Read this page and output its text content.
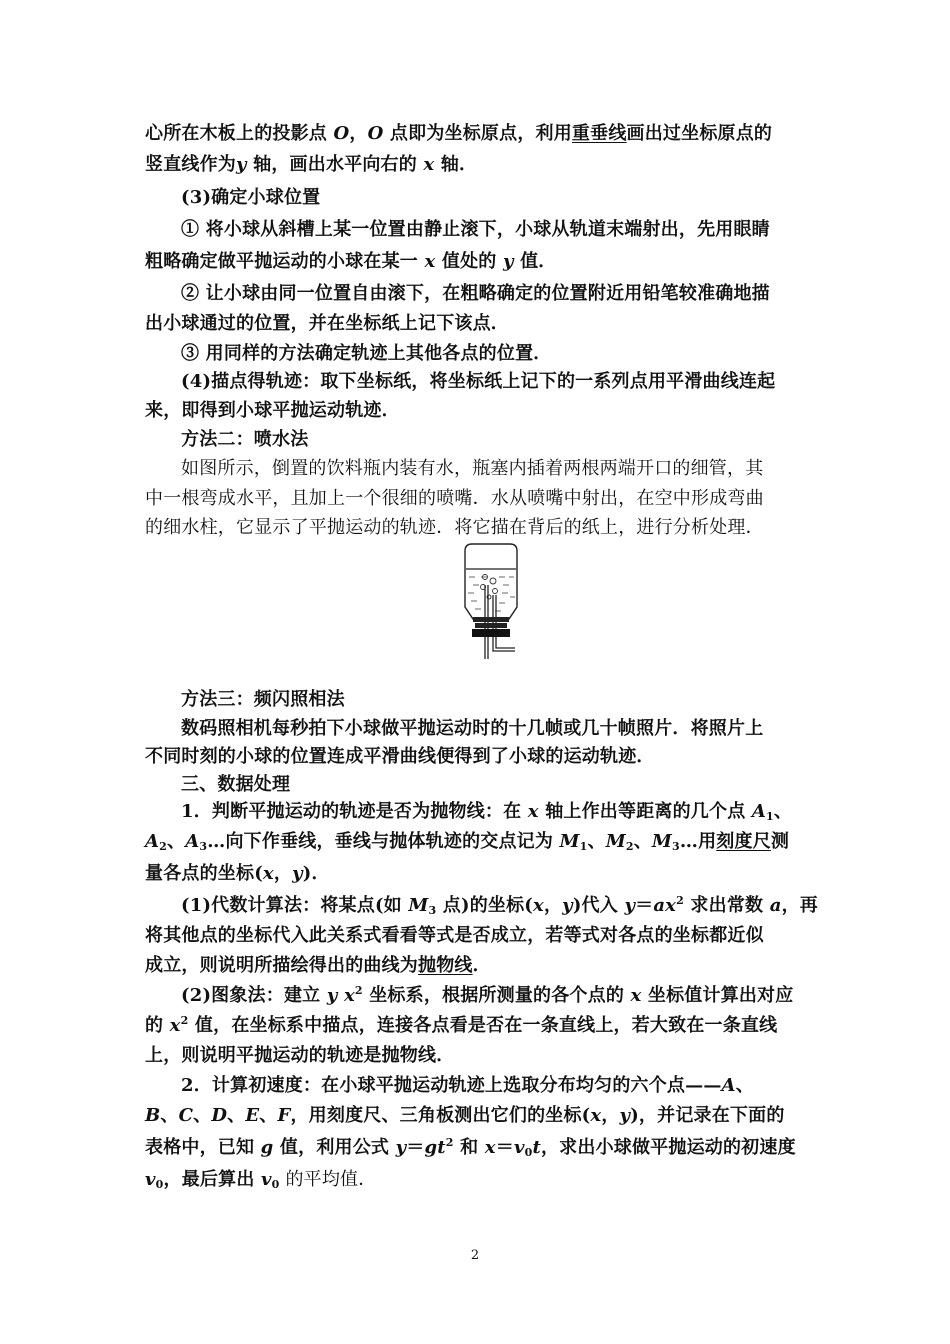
心所在木板上的投影点 O，O 点即为坐标原点，利用重垂线画出过坐标原点的
竖直线作为y 轴，画出水平向右的 x 轴．
(3)确定小球位置
① 将小球从斜槽上某一位置由静止滚下，小球从轨道末端射出，先用眼睛
粗略确定做平抛运动的小球在某一 x 值处的 y 值．
② 让小球由同一位置自由滚下，在粗略确定的位置附近用铅笔较准确地描
出小球通过的位置，并在坐标纸上记下该点．
③ 用同样的方法确定轨迹上其他各点的位置．
(4)描点得轨迹：取下坐标纸，将坐标纸上记下的一系列点用平滑曲线连起
来，即得到小球平抛运动轨迹．
方法二：喷水法
如图所示，倒置的饮料瓶内装有水，瓶塞内插着两根两端开口的细管，其
中一根弯成水平，且加上一个很细的喷嘴．水从喷嘴中射出，在空中形成弯曲
的细水柱，它显示了平抛运动的轨迹．将它描在背后的纸上，进行分析处理．
方法三：频闪照相法
数码照相机每秒拍下小球做平抛运动时的十几帧或几十帧照片．将照片上
不同时刻的小球的位置连成平滑曲线便得到了小球的运动轨迹．
三、数据处理
1．判断平抛运动的轨迹是否为抛物线：在 x 轴上作出等距离的几个点 $A_1$、
$A_2$、$A_3\dots$向下作垂线，垂线与抛体轨迹的交点记为 $M_1$、$M_2$、$M_3\dots$用刻度尺测
量各点的坐标(x，y)．
(1)代数计算法：将某点(如 $M_3$ 点)的坐标(x，y)代入 $y=ax^2$ 求出常数 a，再
将其他点的坐标代入此关系式看看等式是否成立，若等式对各点的坐标都近似
成立，则说明所描绘得出的曲线为抛物线．
(2)图象法：建立 y $x^2$ 坐标系，根据所测量的各个点的 x 坐标值计算出对应
的 $x^2$ 值，在坐标系中描点，连接各点看是否在一条直线上，若大致在一条直线
上，则说明平抛运动的轨迹是抛物线．
2．计算初速度：在小球平抛运动轨迹上选取分布均匀的六个点——A、
B、C、D、E、F，用刻度尺、三角板测出它们的坐标(x，y)，并记录在下面的
表格中，已知 g 值，利用公式 $y=gt^2$ 和 $x=v_0t$，求出小球做平抛运动的初速度
$v_0$，最后算出 $v_0$ 的平均值．
2
